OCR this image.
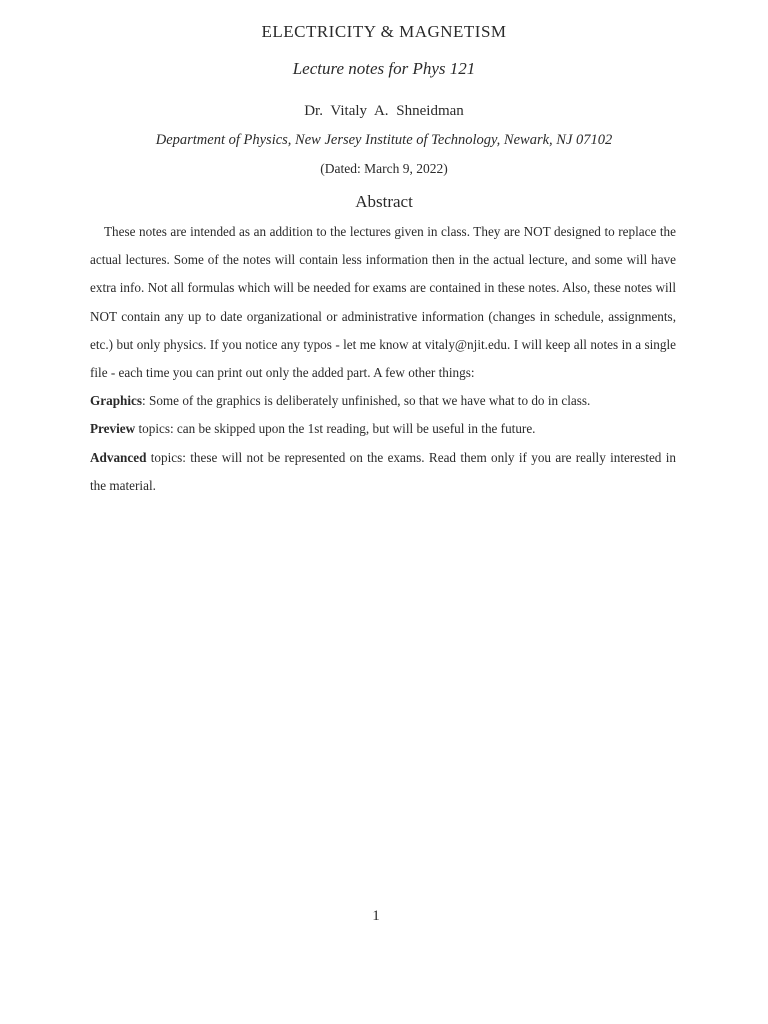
ELECTRICITY & MAGNETISM
Lecture notes for Phys 121
Dr. Vitaly A. Shneidman
Department of Physics, New Jersey Institute of Technology, Newark, NJ 07102
(Dated: March 9, 2022)
Abstract

These notes are intended as an addition to the lectures given in class. They are NOT designed to replace the actual lectures. Some of the notes will contain less information then in the actual lecture, and some will have extra info. Not all formulas which will be needed for exams are contained in these notes. Also, these notes will NOT contain any up to date organizational or administrative information (changes in schedule, assignments, etc.) but only physics. If you notice any typos - let me know at vitaly@njit.edu. I will keep all notes in a single file - each time you can print out only the added part. A few other things:

Graphics: Some of the graphics is deliberately unfinished, so that we have what to do in class.

Preview topics: can be skipped upon the 1st reading, but will be useful in the future.

Advanced topics: these will not be represented on the exams. Read them only if you are really interested in the material.

1
